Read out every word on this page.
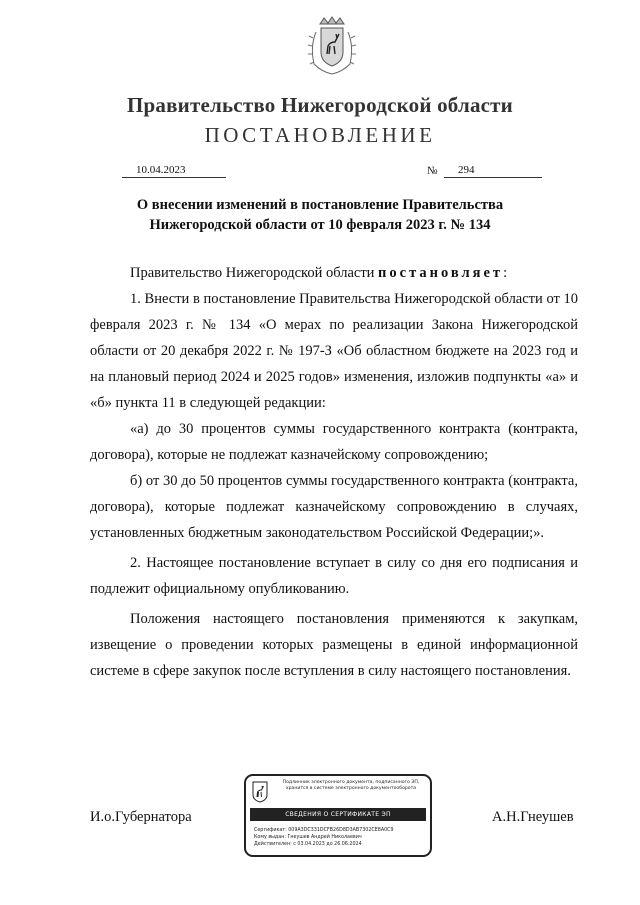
Правительство Нижегородской области
ПОСТАНОВЛЕНИЕ
10.04.2023	№	294
О внесении изменений в постановление Правительства
Нижегородской области от 10 февраля 2023 г. № 134

Правительство Нижегородской области постановляет:

1. Внести в постановление Правительства Нижегородской области от 10 февраля 2023 г. № 134 «О мерах по реализации Закона Нижегородской области от 20 декабря 2022 г. № 197-З «Об областном бюджете на 2023 год и на плановый период 2024 и 2025 годов» изменения, изложив подпункты «а» и «б» пункта 11 в следующей редакции:

«а) до 30 процентов суммы государственного контракта (контракта, договора), которые не подлежат казначейскому сопровождению;

б) от 30 до 50 процентов суммы государственного контракта (контракта, договора), которые подлежат казначейскому сопровождению в случаях, установленных бюджетным законодательством Российской Федерации;».

2. Настоящее постановление вступает в силу со дня его подписания и подлежит официальному опубликованию.

Положения настоящего постановления применяются к закупкам, извещение о проведении которых размещены в единой информационной системе в сфере закупок после вступления в силу настоящего постановления.

И.о.Губернатора	А.Н.Гнеушев
Подлинник электронного документа, подписанного ЭП, хранится в системе электронного документооборота
СВЕДЕНИЯ О СЕРТИФИКАТЕ ЭП
Сертификат: 009A3DC331DCFB26D8D3AB7302CE8A0C9
Кому выдан: Гнеушев Андрей Николаевич
Действителен: с 03.04.2023 до 26.06.2024
